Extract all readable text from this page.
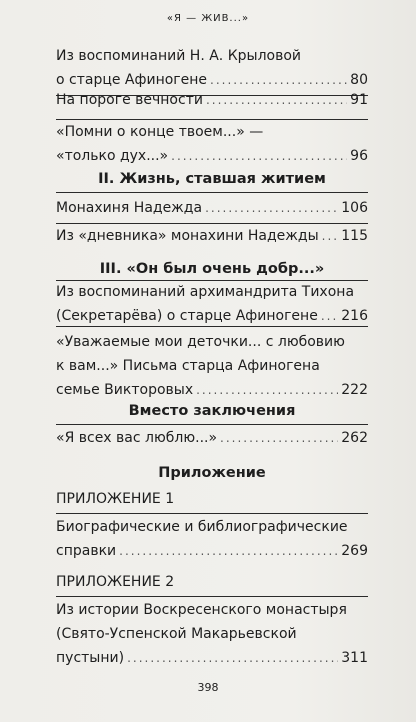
«Я — ЖИВ...»
Из воспоминаний Н. А. Крыловой
о старце Афиногене .....	80
На пороге вечности .....	91
«Помни о конце твоем...» —
«только дух...» .....	96
II. Жизнь, ставшая житием
Монахиня Надежда .....	106
Из «дневника» монахини Надежды ..... 115
III. «Он был очень добр...»
Из воспоминаний архимандрита Тихона
(Секретарёва) о старце Афиногене ..... 216
«Уважаемые мои деточки... с любовию
к вам...» Письма старца Афиногена
семье Викторовых .....	222
Вместо заключения
«Я всех вас люблю...» .....	262
Приложение
ПРИЛОЖЕНИЕ 1
Биографические и библиографические
справки .....	269
ПРИЛОЖЕНИЕ 2
Из истории Воскресенского монастыря
(Свято-Успенской Макарьевской
пустыни) .....	311
398
